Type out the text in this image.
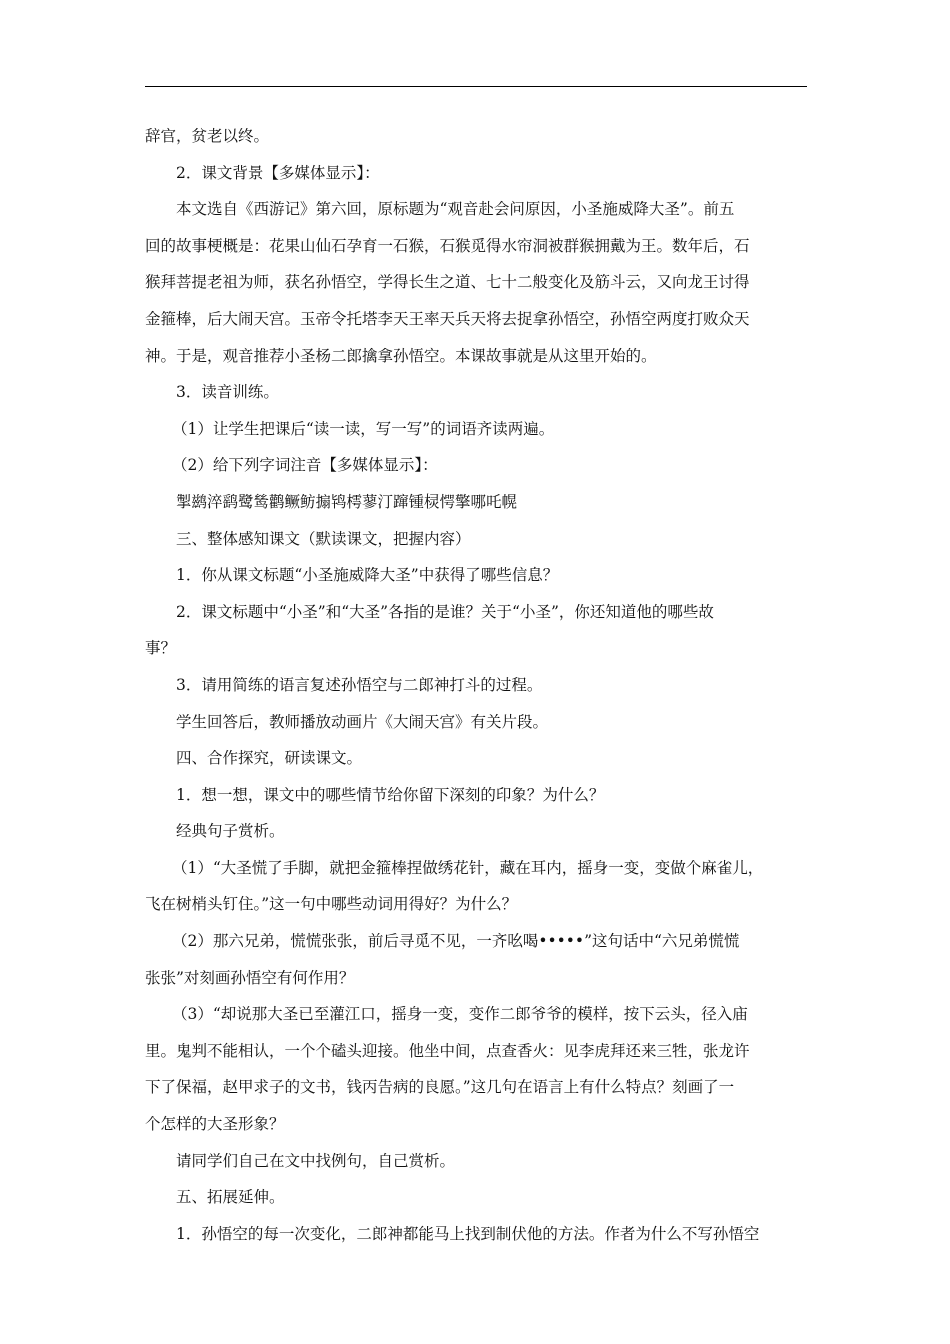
辞官，贫老以终。
2．课文背景【多媒体显示】：
本文选自《西游记》第六回，原标题为“观音赴会问原因，小圣施威降大圣”。前五
回的故事梗概是：花果山仙石孕育一石猴，石猴觅得水帘洞被群猴拥戴为王。数年后，石
猴拜菩提老祖为师，获名孙悟空，学得长生之道、七十二般变化及筋斗云，又向龙王讨得
金箍棒，后大闹天宫。玉帝令托塔李天王率天兵天将去捉拿孙悟空，孙悟空两度打败众天
神。于是，观音推荐小圣杨二郎擒拿孙悟空。本课故事就是从这里开始的。
3．读音训练。
（1）让学生把课后“读一读，写一写”的词语齐读两遍。
（2）给下列字词注音【多媒体显示】：
掣鹚淬鹞鹭鸶鹳鳜鲂搧鸨樗蓼汀蹿锺棂愕擎哪吒幌
三、整体感知课文（默读课文，把握内容）
1．你从课文标题“小圣施威降大圣”中获得了哪些信息？
2．课文标题中“小圣”和“大圣”各指的是谁？关于“小圣”，你还知道他的哪些故
事？
3．请用简练的语言复述孙悟空与二郎神打斗的过程。
学生回答后，教师播放动画片《大闹天宫》有关片段。
四、合作探究，研读课文。
1．想一想，课文中的哪些情节给你留下深刻的印象？为什么？
经典句子赏析。
（1）“大圣慌了手脚，就把金箍棒捏做绣花针，藏在耳内，摇身一变，变做个麻雀儿，
飞在树梢头钉住。”这一句中哪些动词用得好？为什么？
（2）那六兄弟，慌慌张张，前后寻觅不见，一齐吆喝•••••”这句话中“六兄弟慌慌
张张”对刻画孙悟空有何作用？
（3）“却说那大圣已至灌江口，摇身一变，变作二郎爷爷的模样，按下云头，径入庙
里。鬼判不能相认，一个个磕头迎接。他坐中间，点查香火：见李虎拜还来三牲，张龙许
下了保福，赵甲求子的文书，钱丙告病的良愿。”这几句在语言上有什么特点？刻画了一
个怎样的大圣形象？
请同学们自己在文中找例句，自己赏析。
五、拓展延伸。
1．孙悟空的每一次变化，二郎神都能马上找到制伏他的方法。作者为什么不写孙悟空
